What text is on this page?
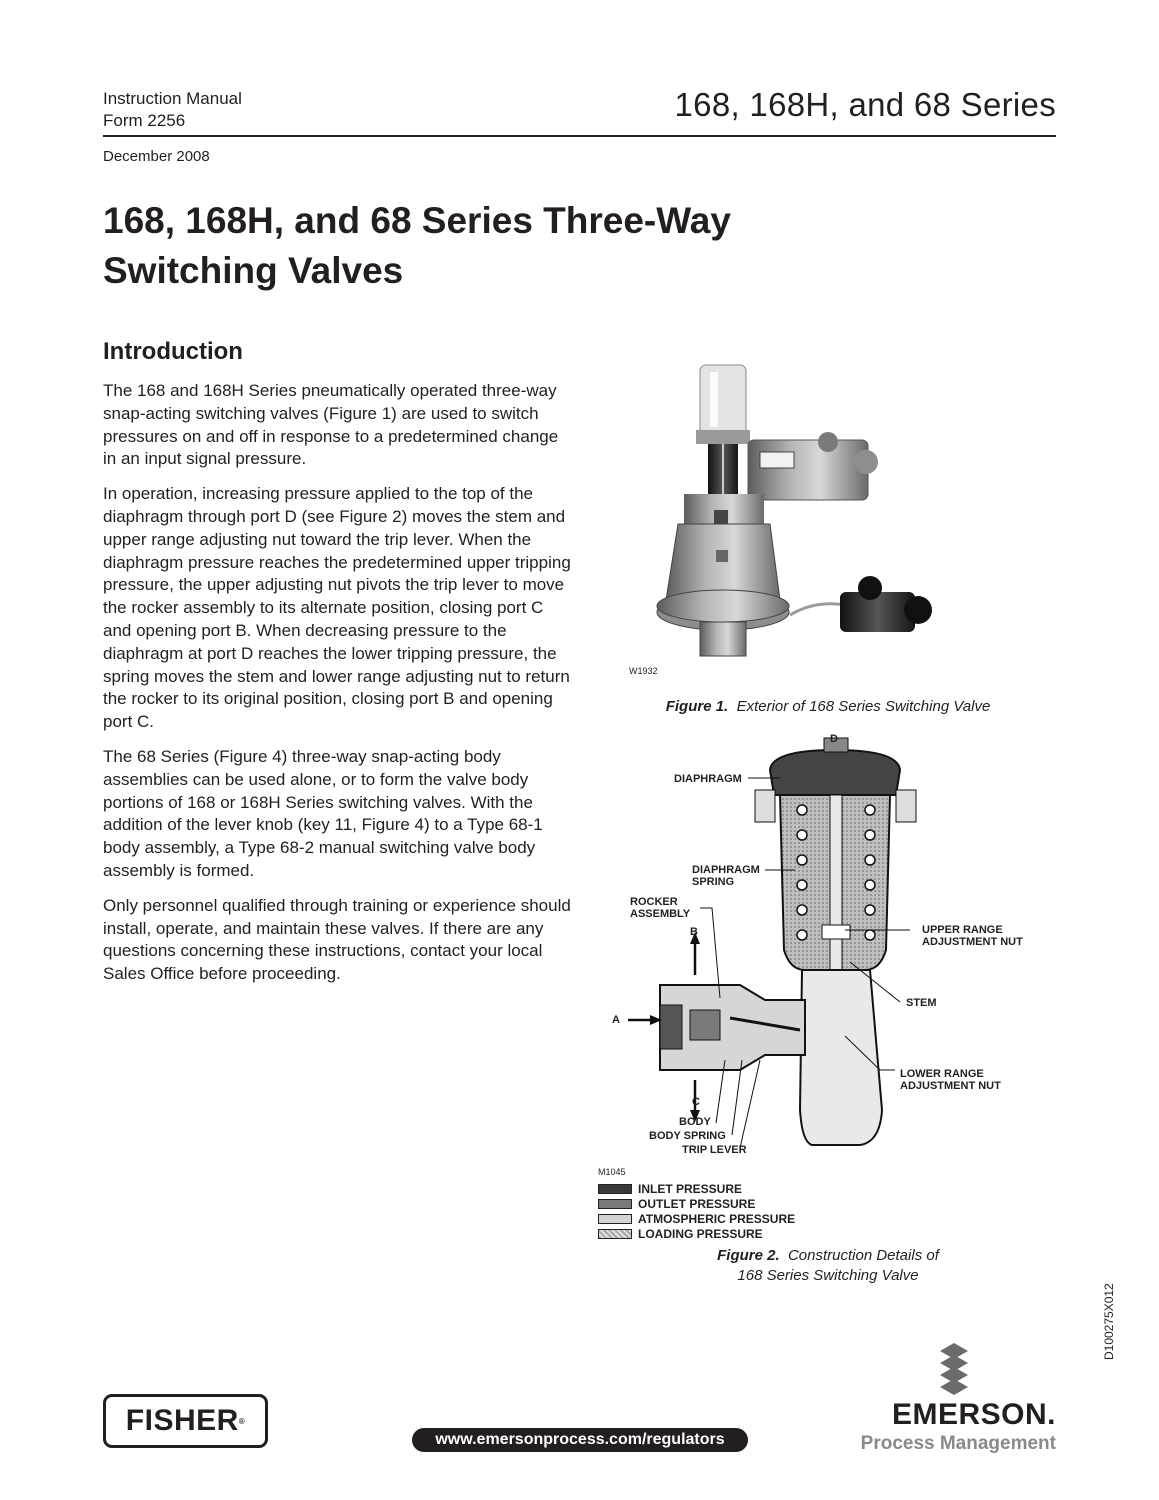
Instruction Manual
Form 2256	168, 168H, and 68 Series
December 2008
168, 168H, and 68 Series Three-Way
Switching Valves
Introduction

The 168 and 168H Series pneumatically operated three-way snap-acting switching valves (Figure 1) are used to switch pressures on and off in response to a predetermined change in an input signal pressure.

In operation, increasing pressure applied to the top of the diaphragm through port D (see Figure 2) moves the stem and upper range adjusting nut toward the trip lever. When the diaphragm pressure reaches the predetermined upper tripping pressure, the upper adjusting nut pivots the trip lever to move the rocker assembly to its alternate position, closing port C and opening port B. When decreasing pressure to the diaphragm at port D reaches the lower tripping pressure, the spring moves the stem and lower range adjusting nut to return the rocker to its original position, closing port B and opening port C.

The 68 Series (Figure 4) three-way snap-acting body assemblies can be used alone, or to form the valve body portions of 168 or 168H Series switching valves. With the addition of the lever knob (key 11, Figure 4) to a Type 68-1 body assembly, a Type 68-2 manual switching valve body assembly is formed.

Only personnel qualified through training or experience should install, operate, and maintain these valves. If there are any questions concerning these instructions, contact your local Sales Office before proceeding.

W1932
Figure 1. Exterior of 168 Series Switching Valve
D
DIAPHRAGM
DIAPHRAGM SPRING
ROCKER ASSEMBLY
B
A
C
UPPER RANGE ADJUSTMENT NUT
STEM
LOWER RANGE ADJUSTMENT NUT
BODY
BODY SPRING
TRIP LEVER
M1045
INLET PRESSURE
OUTLET PRESSURE
ATMOSPHERIC PRESSURE
LOADING PRESSURE
Figure 2. Construction Details of
168 Series Switching Valve
D100275X012
FISHER ®
www.emersonprocess.com/regulators
EMERSON.
Process Management
